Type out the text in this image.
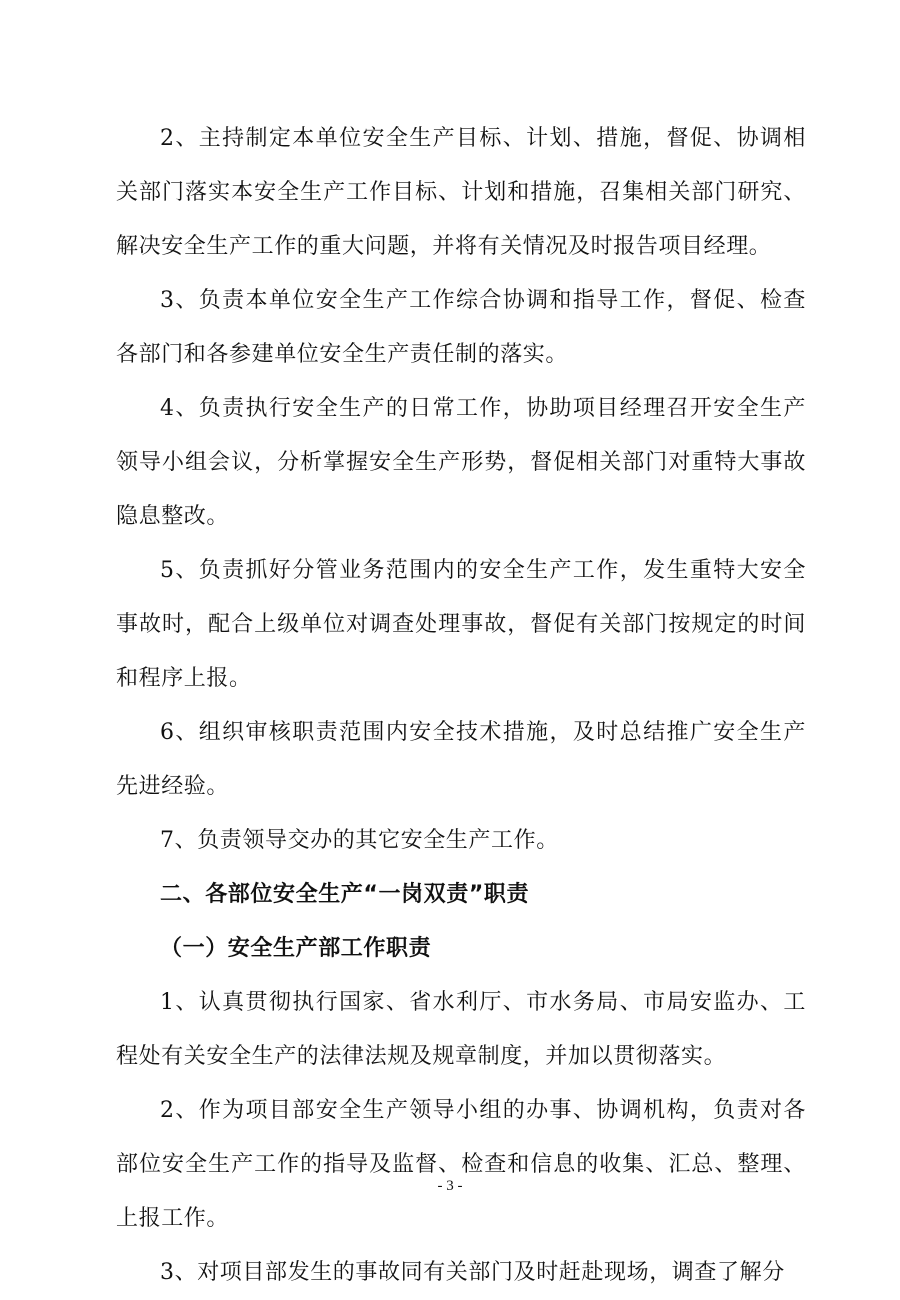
2、主持制定本单位安全生产目标、计划、措施，督促、协调相关部门落实本安全生产工作目标、计划和措施，召集相关部门研究、解决安全生产工作的重大问题，并将有关情况及时报告项目经理。

3、负责本单位安全生产工作综合协调和指导工作，督促、检查各部门和各参建单位安全生产责任制的落实。

4、负责执行安全生产的日常工作，协助项目经理召开安全生产领导小组会议，分析掌握安全生产形势，督促相关部门对重特大事故隐息整改。

5、负责抓好分管业务范围内的安全生产工作，发生重特大安全事故时，配合上级单位对调查处理事故，督促有关部门按规定的时间和程序上报。

6、组织审核职责范围内安全技术措施，及时总结推广安全生产先进经验。

7、负责领导交办的其它安全生产工作。

二、各部位安全生产“一岗双责”职责

（一）安全生产部工作职责

1、认真贯彻执行国家、省水利厅、市水务局、市局安监办、工程处有关安全生产的法律法规及规章制度，并加以贯彻落实。

2、作为项目部安全生产领导小组的办事、协调机构，负责对各部位安全生产工作的指导及监督、检查和信息的收集、汇总、整理、上报工作。

3、对项目部发生的事故同有关部门及时赶赴现场，调查了解分

- 3 -
